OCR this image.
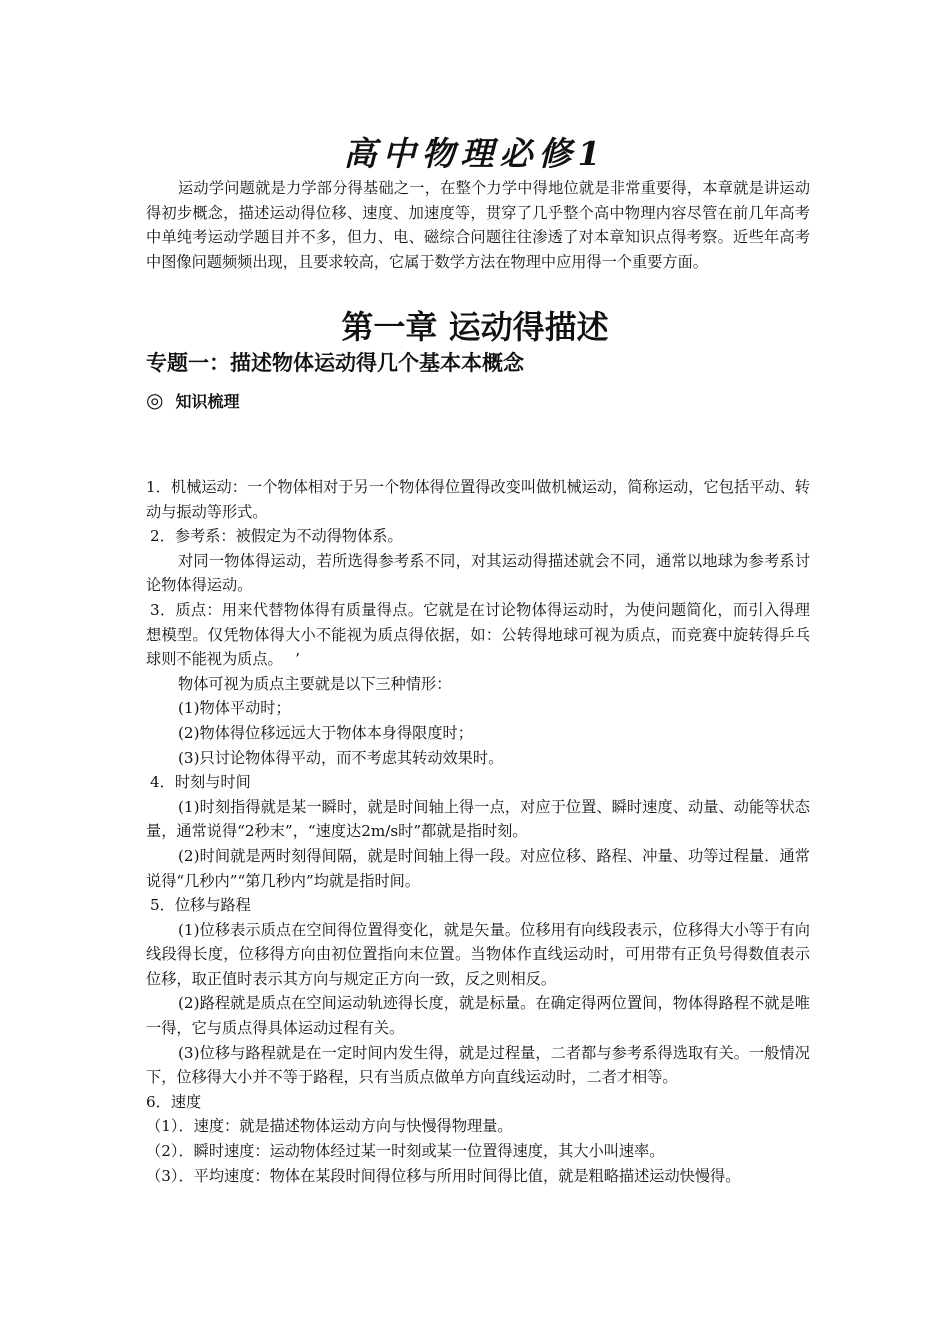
高中物理必修1
运动学问题就是力学部分得基础之一，在整个力学中得地位就是非常重要得，本章就是讲运动得初步概念，描述运动得位移、速度、加速度等，贯穿了几乎整个高中物理内容尽管在前几年高考中单纯考运动学题目并不多，但力、电、磁综合问题往往渗透了对本章知识点得考察。近些年高考中图像问题频频出现，且要求较高，它属于数学方法在物理中应用得一个重要方面。
第一章 运动得描述
专题一：描述物体运动得几个基本本概念
◎ 知识梳理

1．机械运动：一个物体相对于另一个物体得位置得改变叫做机械运动，简称运动，它包括平动、转动与振动等形式。

2．参考系：被假定为不动得物体系。

对同一物体得运动，若所选得参考系不同，对其运动得描述就会不同，通常以地球为参考系讨论物体得运动。

3．质点：用来代替物体得有质量得点。它就是在讨论物体得运动时，为使问题简化，而引入得理想模型。仅凭物体得大小不能视为质点得依据，如：公转得地球可视为质点，而竞赛中旋转得乒乓球则不能视为质点。　 ’

物体可视为质点主要就是以下三种情形：

(1)物体平动时；

(2)物体得位移远远大于物体本身得限度时；

(3)只讨论物体得平动，而不考虑其转动效果时。

4．时刻与时间

(1)时刻指得就是某一瞬时，就是时间轴上得一点，对应于位置、瞬时速度、动量、动能等状态量，通常说得“2秒末”，“速度达2m/s时”都就是指时刻。

(2)时间就是两时刻得间隔，就是时间轴上得一段。对应位移、路程、冲量、功等过程量．通常说得“几秒内”“第几秒内”均就是指时间。

5．位移与路程

(1)位移表示质点在空间得位置得变化，就是矢量。位移用有向线段表示，位移得大小等于有向线段得长度，位移得方向由初位置指向末位置。当物体作直线运动时，可用带有正负号得数值表示位移，取正值时表示其方向与规定正方向一致，反之则相反。

(2)路程就是质点在空间运动轨迹得长度，就是标量。在确定得两位置间，物体得路程不就是唯一得，它与质点得具体运动过程有关。

(3)位移与路程就是在一定时间内发生得，就是过程量，二者都与参考系得选取有关。一般情况下，位移得大小并不等于路程，只有当质点做单方向直线运动时，二者才相等。

6．速度

（1）．速度：就是描述物体运动方向与快慢得物理量。

（2）．瞬时速度：运动物体经过某一时刻或某一位置得速度，其大小叫速率。

（3）．平均速度：物体在某段时间得位移与所用时间得比值，就是粗略描述运动快慢得。
